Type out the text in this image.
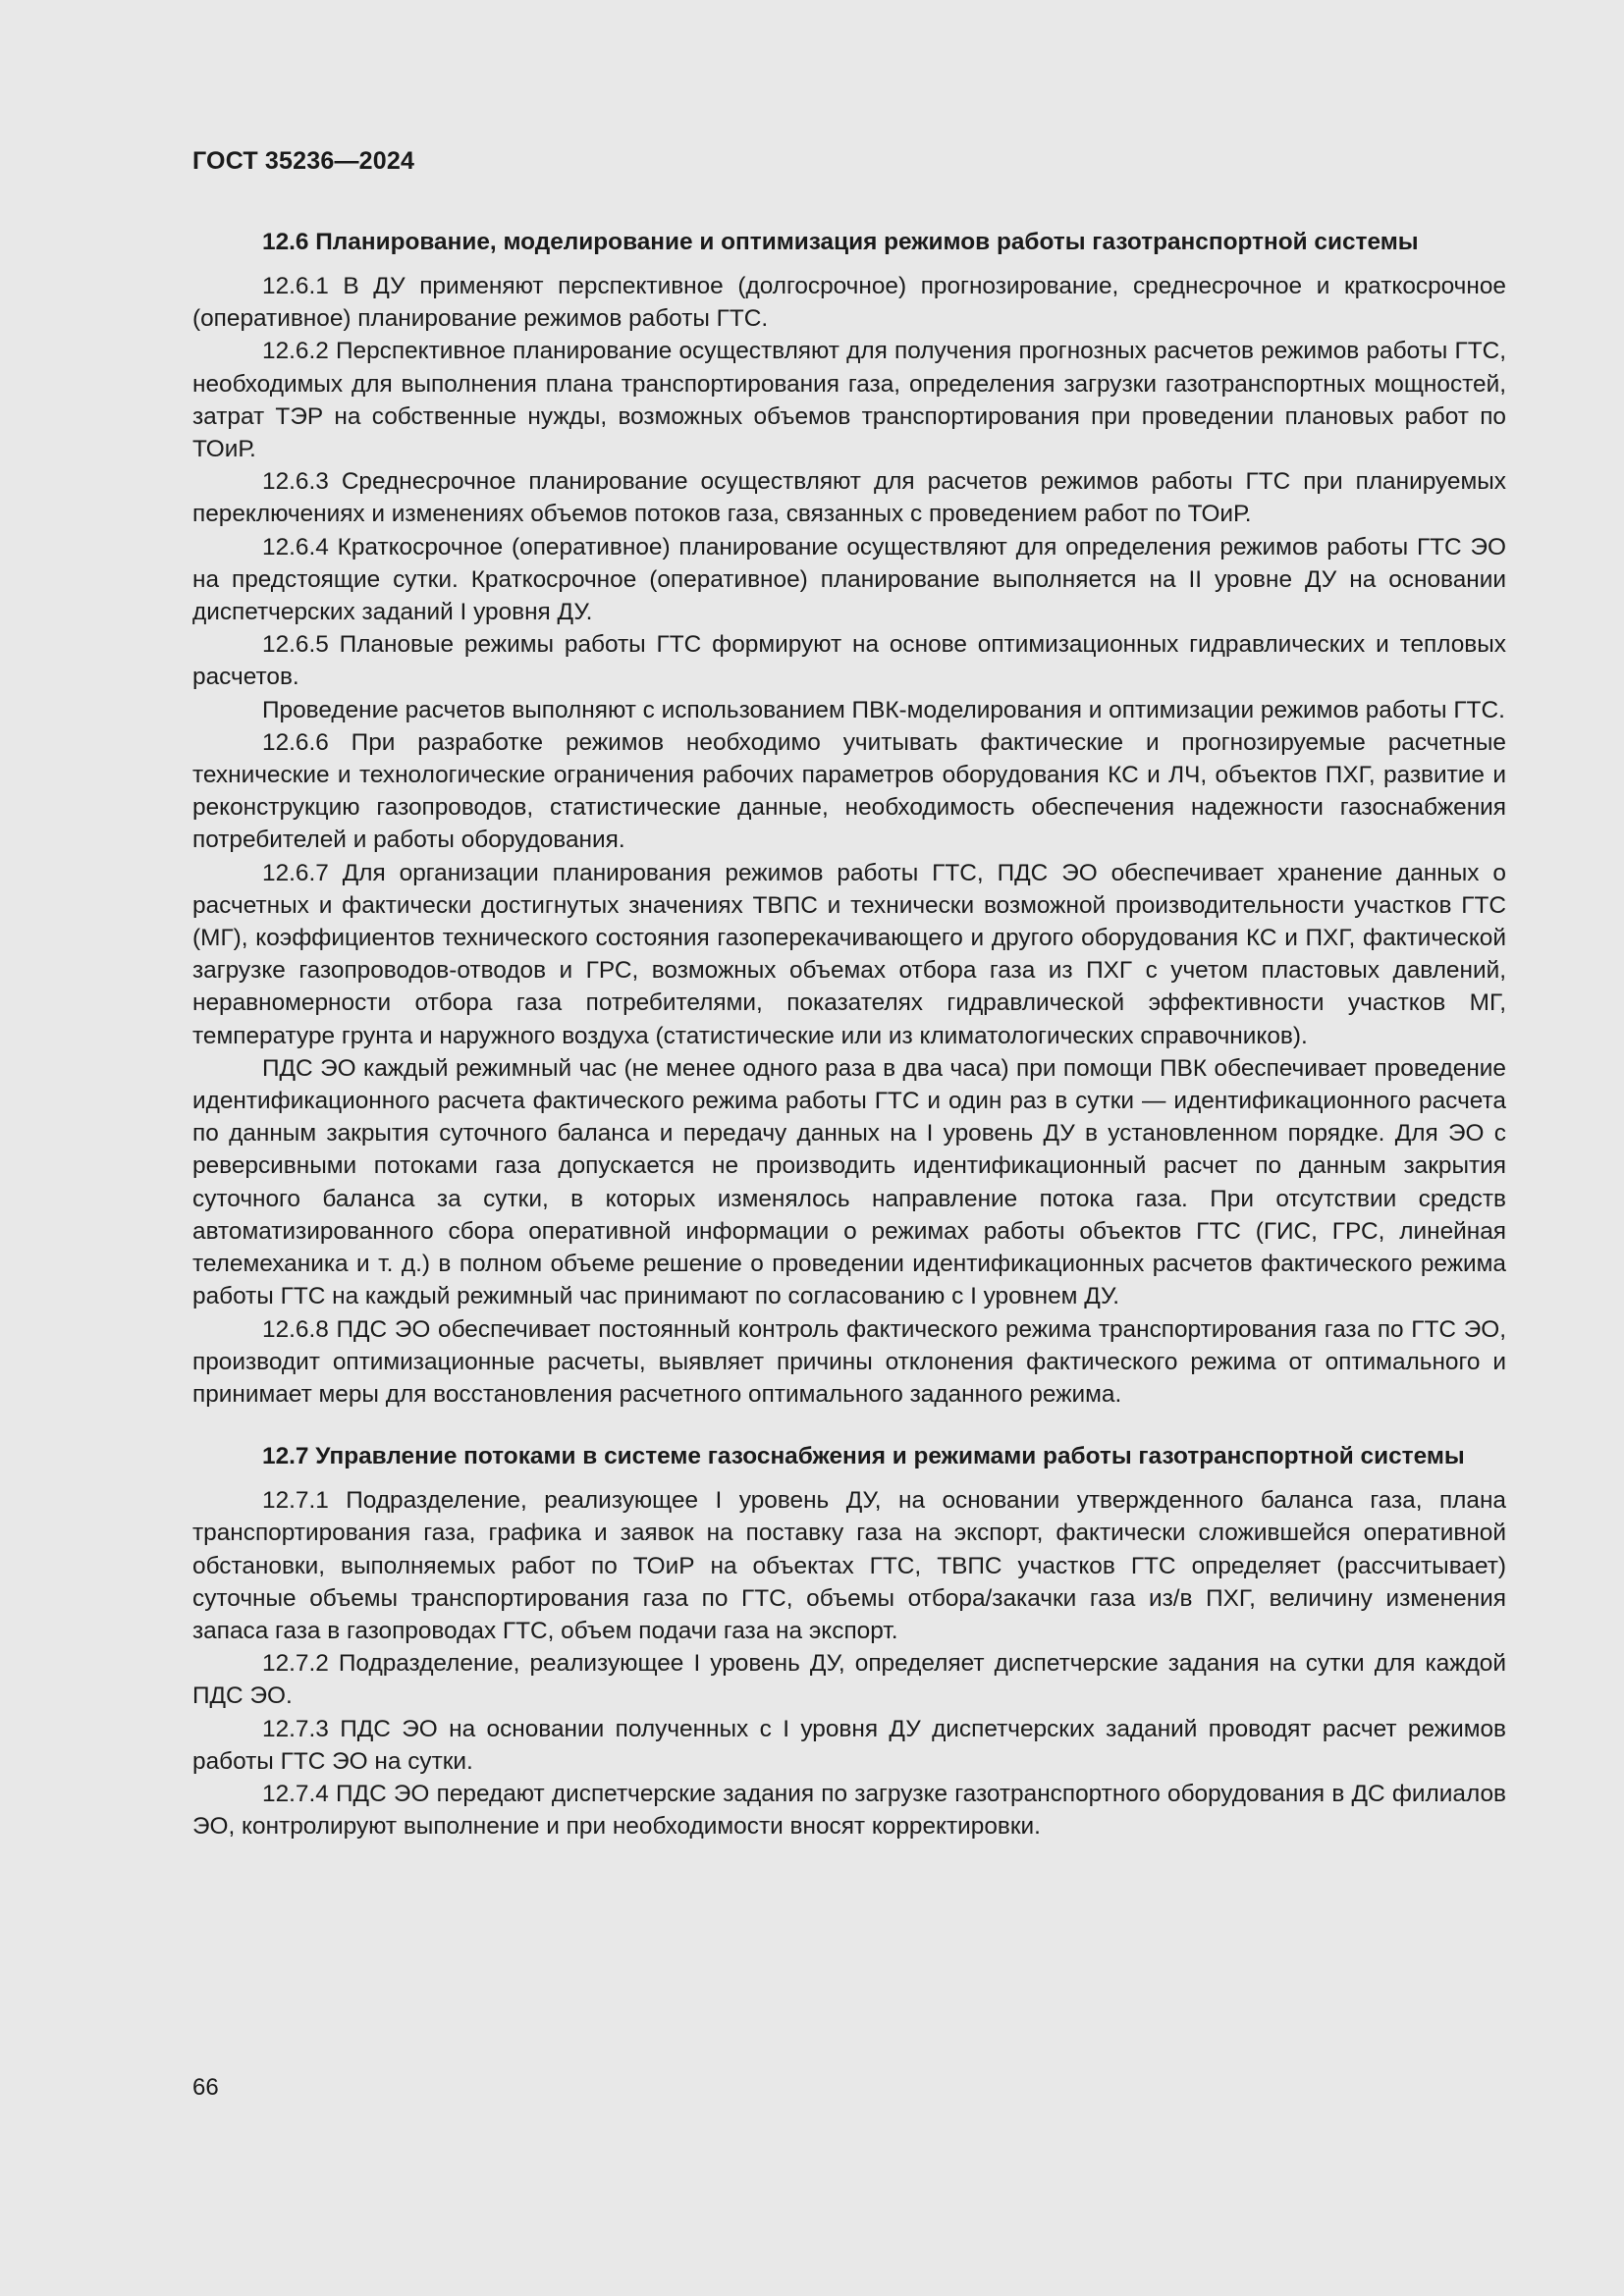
ГОСТ 35236—2024
12.6 Планирование, моделирование и оптимизация режимов работы газотранспортной системы

12.6.1 В ДУ применяют перспективное (долгосрочное) прогнозирование, среднесрочное и краткосрочное (оперативное) планирование режимов работы ГТС.

12.6.2 Перспективное планирование осуществляют для получения прогнозных расчетов режимов работы ГТС, необходимых для выполнения плана транспортирования газа, определения загрузки газотранспортных мощностей, затрат ТЭР на собственные нужды, возможных объемов транспортирования при проведении плановых работ по ТОиР.

12.6.3 Среднесрочное планирование осуществляют для расчетов режимов работы ГТС при планируемых переключениях и изменениях объемов потоков газа, связанных с проведением работ по ТОиР.

12.6.4 Краткосрочное (оперативное) планирование осуществляют для определения режимов работы ГТС ЭО на предстоящие сутки. Краткосрочное (оперативное) планирование выполняется на II уровне ДУ на основании диспетчерских заданий I уровня ДУ.

12.6.5 Плановые режимы работы ГТС формируют на основе оптимизационных гидравлических и тепловых расчетов.

Проведение расчетов выполняют с использованием ПВК-моделирования и оптимизации режимов работы ГТС.

12.6.6 При разработке режимов необходимо учитывать фактические и прогнозируемые расчетные технические и технологические ограничения рабочих параметров оборудования КС и ЛЧ, объектов ПХГ, развитие и реконструкцию газопроводов, статистические данные, необходимость обеспечения надежности газоснабжения потребителей и работы оборудования.

12.6.7 Для организации планирования режимов работы ГТС, ПДС ЭО обеспечивает хранение данных о расчетных и фактически достигнутых значениях ТВПС и технически возможной производительности участков ГТС (МГ), коэффициентов технического состояния газоперекачивающего и другого оборудования КС и ПХГ, фактической загрузке газопроводов-отводов и ГРС, возможных объемах отбора газа из ПХГ с учетом пластовых давлений, неравномерности отбора газа потребителями, показателях гидравлической эффективности участков МГ, температуре грунта и наружного воздуха (статистические или из климатологических справочников).

ПДС ЭО каждый режимный час (не менее одного раза в два часа) при помощи ПВК обеспечивает проведение идентификационного расчета фактического режима работы ГТС и один раз в сутки — идентификационного расчета по данным закрытия суточного баланса и передачу данных на I уровень ДУ в установленном порядке. Для ЭО с реверсивными потоками газа допускается не производить идентификационный расчет по данным закрытия суточного баланса за сутки, в которых изменялось направление потока газа. При отсутствии средств автоматизированного сбора оперативной информации о режимах работы объектов ГТС (ГИС, ГРС, линейная телемеханика и т. д.) в полном объеме решение о проведении идентификационных расчетов фактического режима работы ГТС на каждый режимный час принимают по согласованию с I уровнем ДУ.

12.6.8 ПДС ЭО обеспечивает постоянный контроль фактического режима транспортирования газа по ГТС ЭО, производит оптимизационные расчеты, выявляет причины отклонения фактического режима от оптимального и принимает меры для восстановления расчетного оптимального заданного режима.

12.7 Управление потоками в системе газоснабжения и режимами работы газотранспортной системы

12.7.1 Подразделение, реализующее I уровень ДУ, на основании утвержденного баланса газа, плана транспортирования газа, графика и заявок на поставку газа на экспорт, фактически сложившейся оперативной обстановки, выполняемых работ по ТОиР на объектах ГТС, ТВПС участков ГТС определяет (рассчитывает) суточные объемы транспортирования газа по ГТС, объемы отбора/закачки газа из/в ПХГ, величину изменения запаса газа в газопроводах ГТС, объем подачи газа на экспорт.

12.7.2 Подразделение, реализующее I уровень ДУ, определяет диспетчерские задания на сутки для каждой ПДС ЭО.

12.7.3 ПДС ЭО на основании полученных с I уровня ДУ диспетчерских заданий проводят расчет режимов работы ГТС ЭО на сутки.

12.7.4 ПДС ЭО передают диспетчерские задания по загрузке газотранспортного оборудования в ДС филиалов ЭО, контролируют выполнение и при необходимости вносят корректировки.

66
